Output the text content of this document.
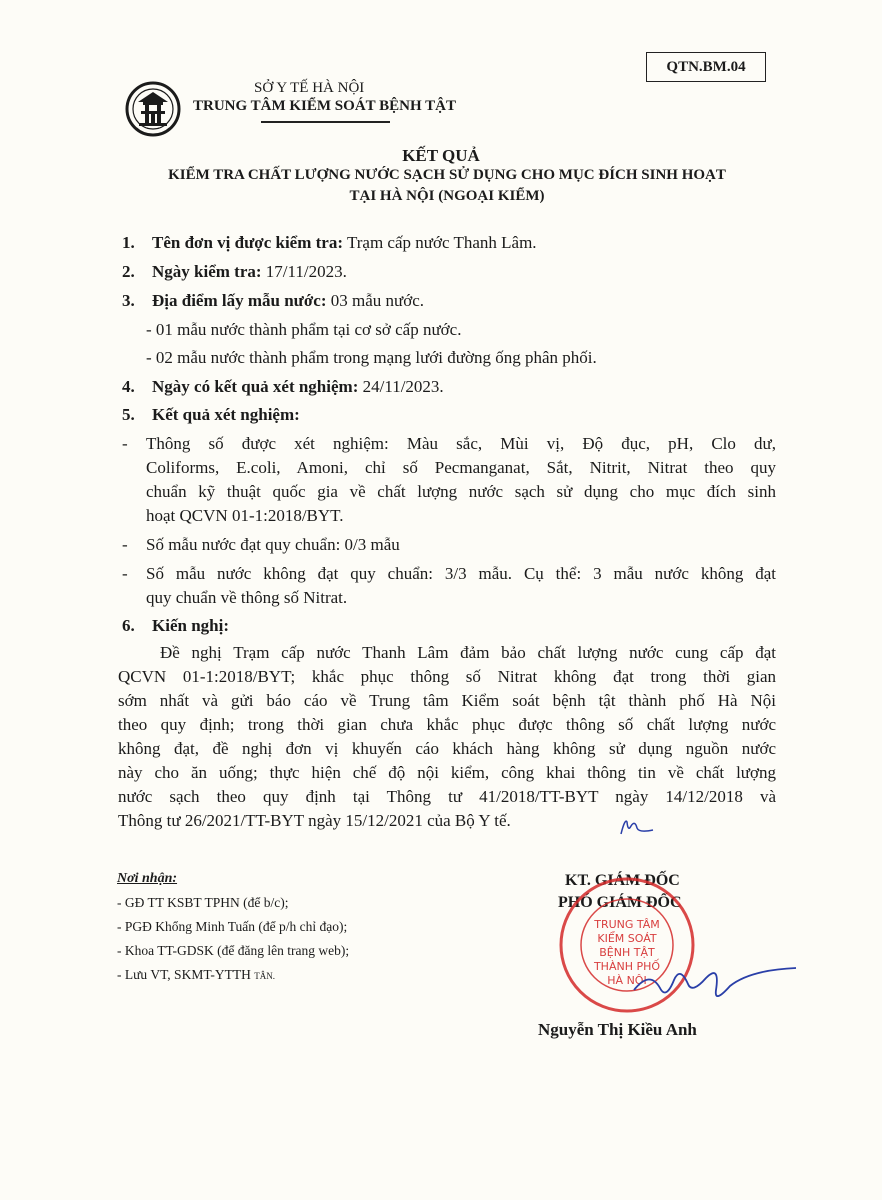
QTN.BM.04
SỞ Y TẾ HÀ NỘI
TRUNG TÂM KIỂM SOÁT BỆNH TẬT
KẾT QUẢ
KIỂM TRA CHẤT LƯỢNG NƯỚC SẠCH SỬ DỤNG CHO MỤC ĐÍCH SINH HOẠT
TẠI HÀ NỘI (NGOẠI KIỂM)
1. Tên đơn vị được kiểm tra: Trạm cấp nước Thanh Lâm.
2. Ngày kiểm tra: 17/11/2023.
3. Địa điểm lấy mẫu nước: 03 mẫu nước.
- 01 mẫu nước thành phẩm tại cơ sở cấp nước.
- 02 mẫu nước thành phẩm trong mạng lưới đường ống phân phối.
4. Ngày có kết quả xét nghiệm: 24/11/2023.
5. Kết quả xét nghiệm:
- Thông số được xét nghiệm: Màu sắc, Mùi vị, Độ đục, pH, Clo dư,
Coliforms, E.coli, Amoni, chỉ số Pecmanganat, Sắt, Nitrit, Nitrat theo quy
chuẩn kỹ thuật quốc gia về chất lượng nước sạch sử dụng cho mục đích sinh
hoạt QCVN 01-1:2018/BYT.
- Số mẫu nước đạt quy chuẩn: 0/3 mẫu
- Số mẫu nước không đạt quy chuẩn: 3/3 mẫu. Cụ thể: 3 mẫu nước không đạt
quy chuẩn về thông số Nitrat.
6. Kiến nghị:
Đề nghị Trạm cấp nước Thanh Lâm đảm bảo chất lượng nước cung cấp đạt
QCVN 01-1:2018/BYT; khắc phục thông số Nitrat không đạt trong thời gian
sớm nhất và gửi báo cáo về Trung tâm Kiểm soát bệnh tật thành phố Hà Nội
theo quy định; trong thời gian chưa khắc phục được thông số chất lượng nước
không đạt, đề nghị đơn vị khuyến cáo khách hàng không sử dụng nguồn nước
này cho ăn uống; thực hiện chế độ nội kiểm, công khai thông tin về chất lượng
nước sạch theo quy định tại Thông tư 41/2018/TT-BYT ngày 14/12/2018 và
Thông tư 26/2021/TT-BYT ngày 15/12/2021 của Bộ Y tế.
Nơi nhận:
- GĐ TT KSBT TPHN (để b/c);
- PGĐ Khổng Minh Tuấn (để p/h chỉ đạo);
- Khoa TT-GDSK (để đăng lên trang web);
- Lưu VT, SKMT-YTTH TÂN.
KT. GIÁM ĐỐC
PHÓ GIÁM ĐỐC
TRUNG TÂM
KIỂM SOÁT
BỆNH TẬT
THÀNH PHỐ
HÀ NỘI
Nguyễn Thị Kiều Anh
